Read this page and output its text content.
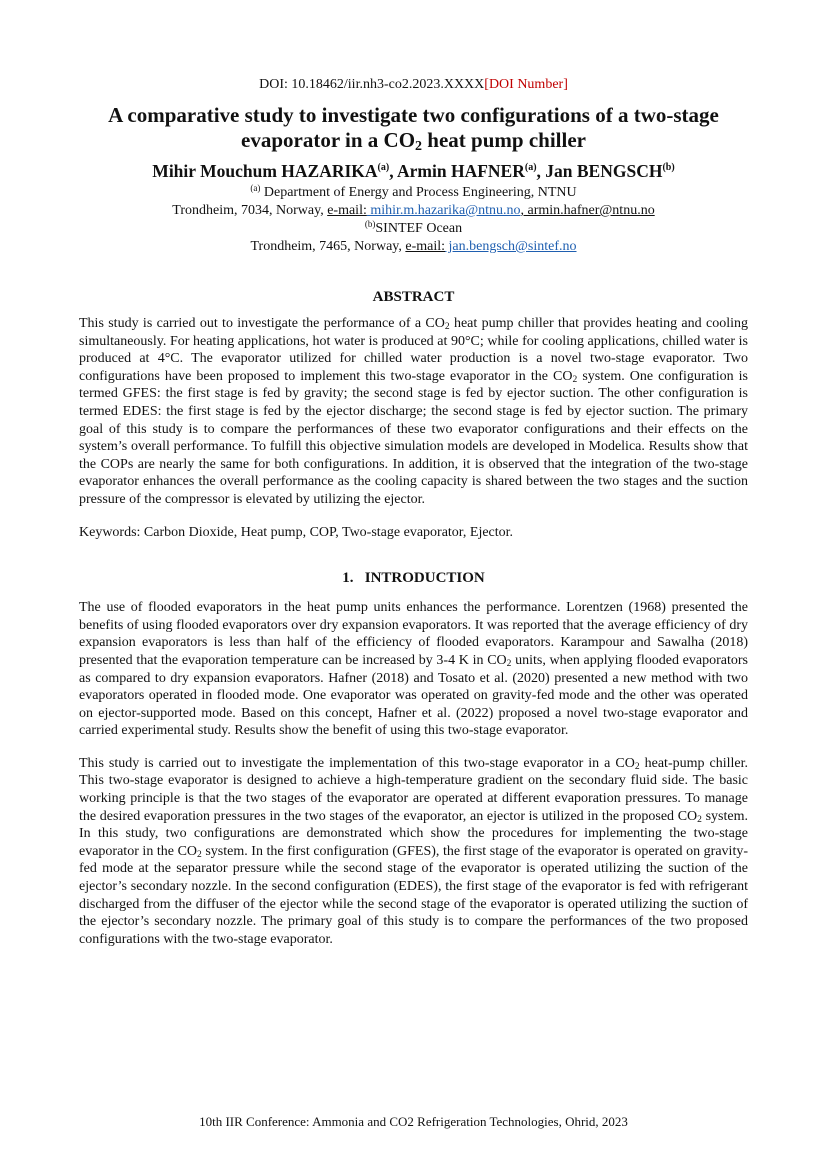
DOI: 10.18462/iir.nh3-co2.2023.XXXX[DOI Number]

A comparative study to investigate two configurations of a two-stage
evaporator in a $CO_2$ heat pump chiller

Mihir Mouchum HAZARIKA$^{(a)}$, Armin HAFNER$^{(a)}$, Jan BENGSCH$^{(b)}$

$^{(a)}$ Department of Energy and Process Engineering, NTNU

Trondheim, 7034, Norway, e-mail: mihir.m.hazarika@ntnu.no, armin.hafner@ntnu.no

$^{(b)}$SINTEF Ocean

Trondheim, 7465, Norway, e-mail: jan.bengsch@sintef.no

ABSTRACT

This study is carried out to investigate the performance of a $CO_2$ heat pump chiller that provides heating and cooling simultaneously. For heating applications, hot water is produced at 90°C; while for cooling applications, chilled water is produced at 4°C. The evaporator utilized for chilled water production is a novel two-stage evaporator. Two configurations have been proposed to implement this two-stage evaporator in the $CO_2$ system. One configuration is termed GFES: the first stage is fed by gravity; the second stage is fed by ejector suction. The other configuration is termed EDES: the first stage is fed by the ejector discharge; the second stage is fed by ejector suction. The primary goal of this study is to compare the performances of these two evaporator configurations and their effects on the system’s overall performance. To fulfill this objective simulation models are developed in Modelica. Results show that the COPs are nearly the same for both configurations. In addition, it is observed that the integration of the two-stage evaporator enhances the overall performance as the cooling capacity is shared between the two stages and the suction pressure of the compressor is elevated by utilizing the ejector.

Keywords: Carbon Dioxide, Heat pump, COP, Two-stage evaporator, Ejector.

1.   INTRODUCTION

The use of flooded evaporators in the heat pump units enhances the performance. Lorentzen (1968) presented the benefits of using flooded evaporators over dry expansion evaporators. It was reported that the average efficiency of dry expansion evaporators is less than half of the efficiency of flooded evaporators. Karampour and Sawalha (2018) presented that the evaporation temperature can be increased by 3-4 K in $CO_2$ units, when applying flooded evaporators as compared to dry expansion evaporators. Hafner (2018) and Tosato et al. (2020) presented a new method with two evaporators operated in flooded mode. One evaporator was operated on gravity-fed mode and the other was operated on ejector-supported mode. Based on this concept, Hafner et al. (2022) proposed a novel two-stage evaporator and carried experimental study. Results show the benefit of using this two-stage evaporator.

This study is carried out to investigate the implementation of this two-stage evaporator in a $CO_2$ heat-pump chiller. This two-stage evaporator is designed to achieve a high-temperature gradient on the secondary fluid side. The basic working principle is that the two stages of the evaporator are operated at different evaporation pressures. To manage the desired evaporation pressures in the two stages of the evaporator, an ejector is utilized in the proposed $CO_2$ system. In this study, two configurations are demonstrated which show the procedures for implementing the two-stage evaporator in the $CO_2$ system. In the first configuration (GFES), the first stage of the evaporator is operated on gravity-fed mode at the separator pressure while the second stage of the evaporator is operated utilizing the suction of the ejector’s secondary nozzle. In the second configuration (EDES), the first stage of the evaporator is fed with refrigerant discharged from the diffuser of the ejector while the second stage of the evaporator is operated utilizing the suction of the ejector’s secondary nozzle. The primary goal of this study is to compare the performances of the two proposed configurations with the two-stage evaporator.

10th IIR Conference: Ammonia and CO2 Refrigeration Technologies, Ohrid, 2023
